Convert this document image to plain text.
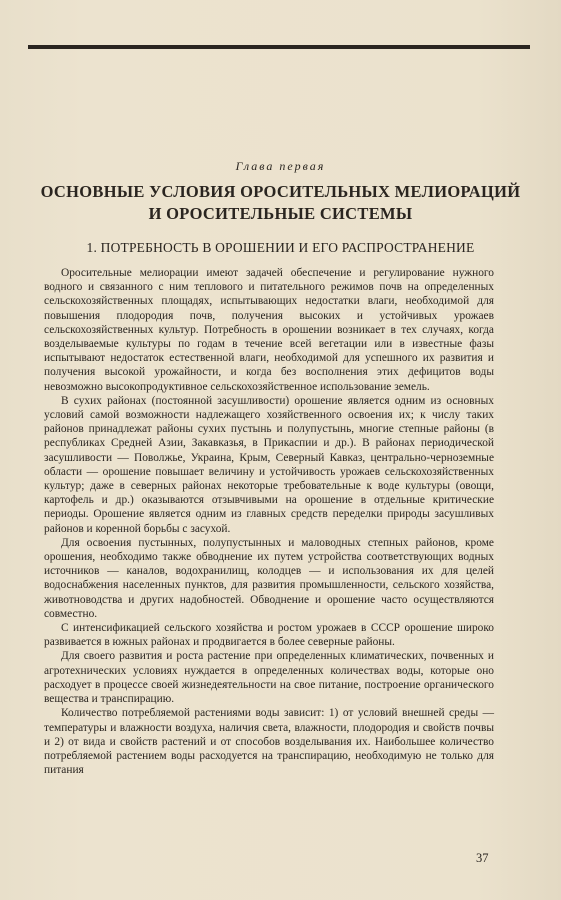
Глава первая
ОСНОВНЫЕ УСЛОВИЯ ОРОСИТЕЛЬНЫХ МЕЛИОРАЦИЙ
И ОРОСИТЕЛЬНЫЕ СИСТЕМЫ
1. ПОТРЕБНОСТЬ В ОРОШЕНИИ И ЕГО РАСПРОСТРАНЕНИЕ

Оросительные мелиорации имеют задачей обеспечение и регулирование нужного водного и связанного с ним теплового и питательного режимов почв на определенных сельскохозяйственных площадях, испытывающих недостатки влаги, необходимой для повышения плодородия почв, получения высоких и устойчивых урожаев сельскохозяйственных культур. Потребность в орошении возникает в тех случаях, когда возделываемые культуры по годам в течение всей вегетации или в известные фазы испытывают недостаток естественной влаги, необходимой для успешного их развития и получения высокой урожайности, и когда без восполнения этих дефицитов воды невозможно высокопродуктивное сельскохозяйственное использование земель.

В сухих районах (постоянной засушливости) орошение является одним из основных условий самой возможности надлежащего хозяйственного освоения их; к числу таких районов принадлежат районы сухих пустынь и полупустынь, многие степные районы (в республиках Средней Азии, Закавказья, в Прикаспии и др.). В районах периодической засушливости — Поволжье, Украина, Крым, Северный Кавказ, центрально-черноземные области — орошение повышает величину и устойчивость урожаев сельскохозяйственных культур; даже в северных районах некоторые требовательные к воде культуры (овощи, картофель и др.) оказываются отзывчивыми на орошение в отдельные критические периоды. Орошение является одним из главных средств переделки природы засушливых районов и коренной борьбы с засухой.

Для освоения пустынных, полупустынных и маловодных степных районов, кроме орошения, необходимо также обводнение их путем устройства соответствующих водных источников — каналов, водохранилищ, колодцев — и использования их для целей водоснабжения населенных пунктов, для развития промышленности, сельского хозяйства, животноводства и других надобностей. Обводнение и орошение часто осуществляются совместно.

С интенсификацией сельского хозяйства и ростом урожаев в СССР орошение широко развивается в южных районах и продвигается в более северные районы.

Для своего развития и роста растение при определенных климатических, почвенных и агротехнических условиях нуждается в определенных количествах воды, которые оно расходует в процессе своей жизнедеятельности на свое питание, построение органического вещества и транспирацию.

Количество потребляемой растениями воды зависит: 1) от условий внешней среды — температуры и влажности воздуха, наличия света, влажности, плодородия и свойств почвы и 2) от вида и свойств растений и от способов возделывания их. Наибольшее количество потребляемой растением воды расходуется на транспирацию, необходимую не только для питания

37
